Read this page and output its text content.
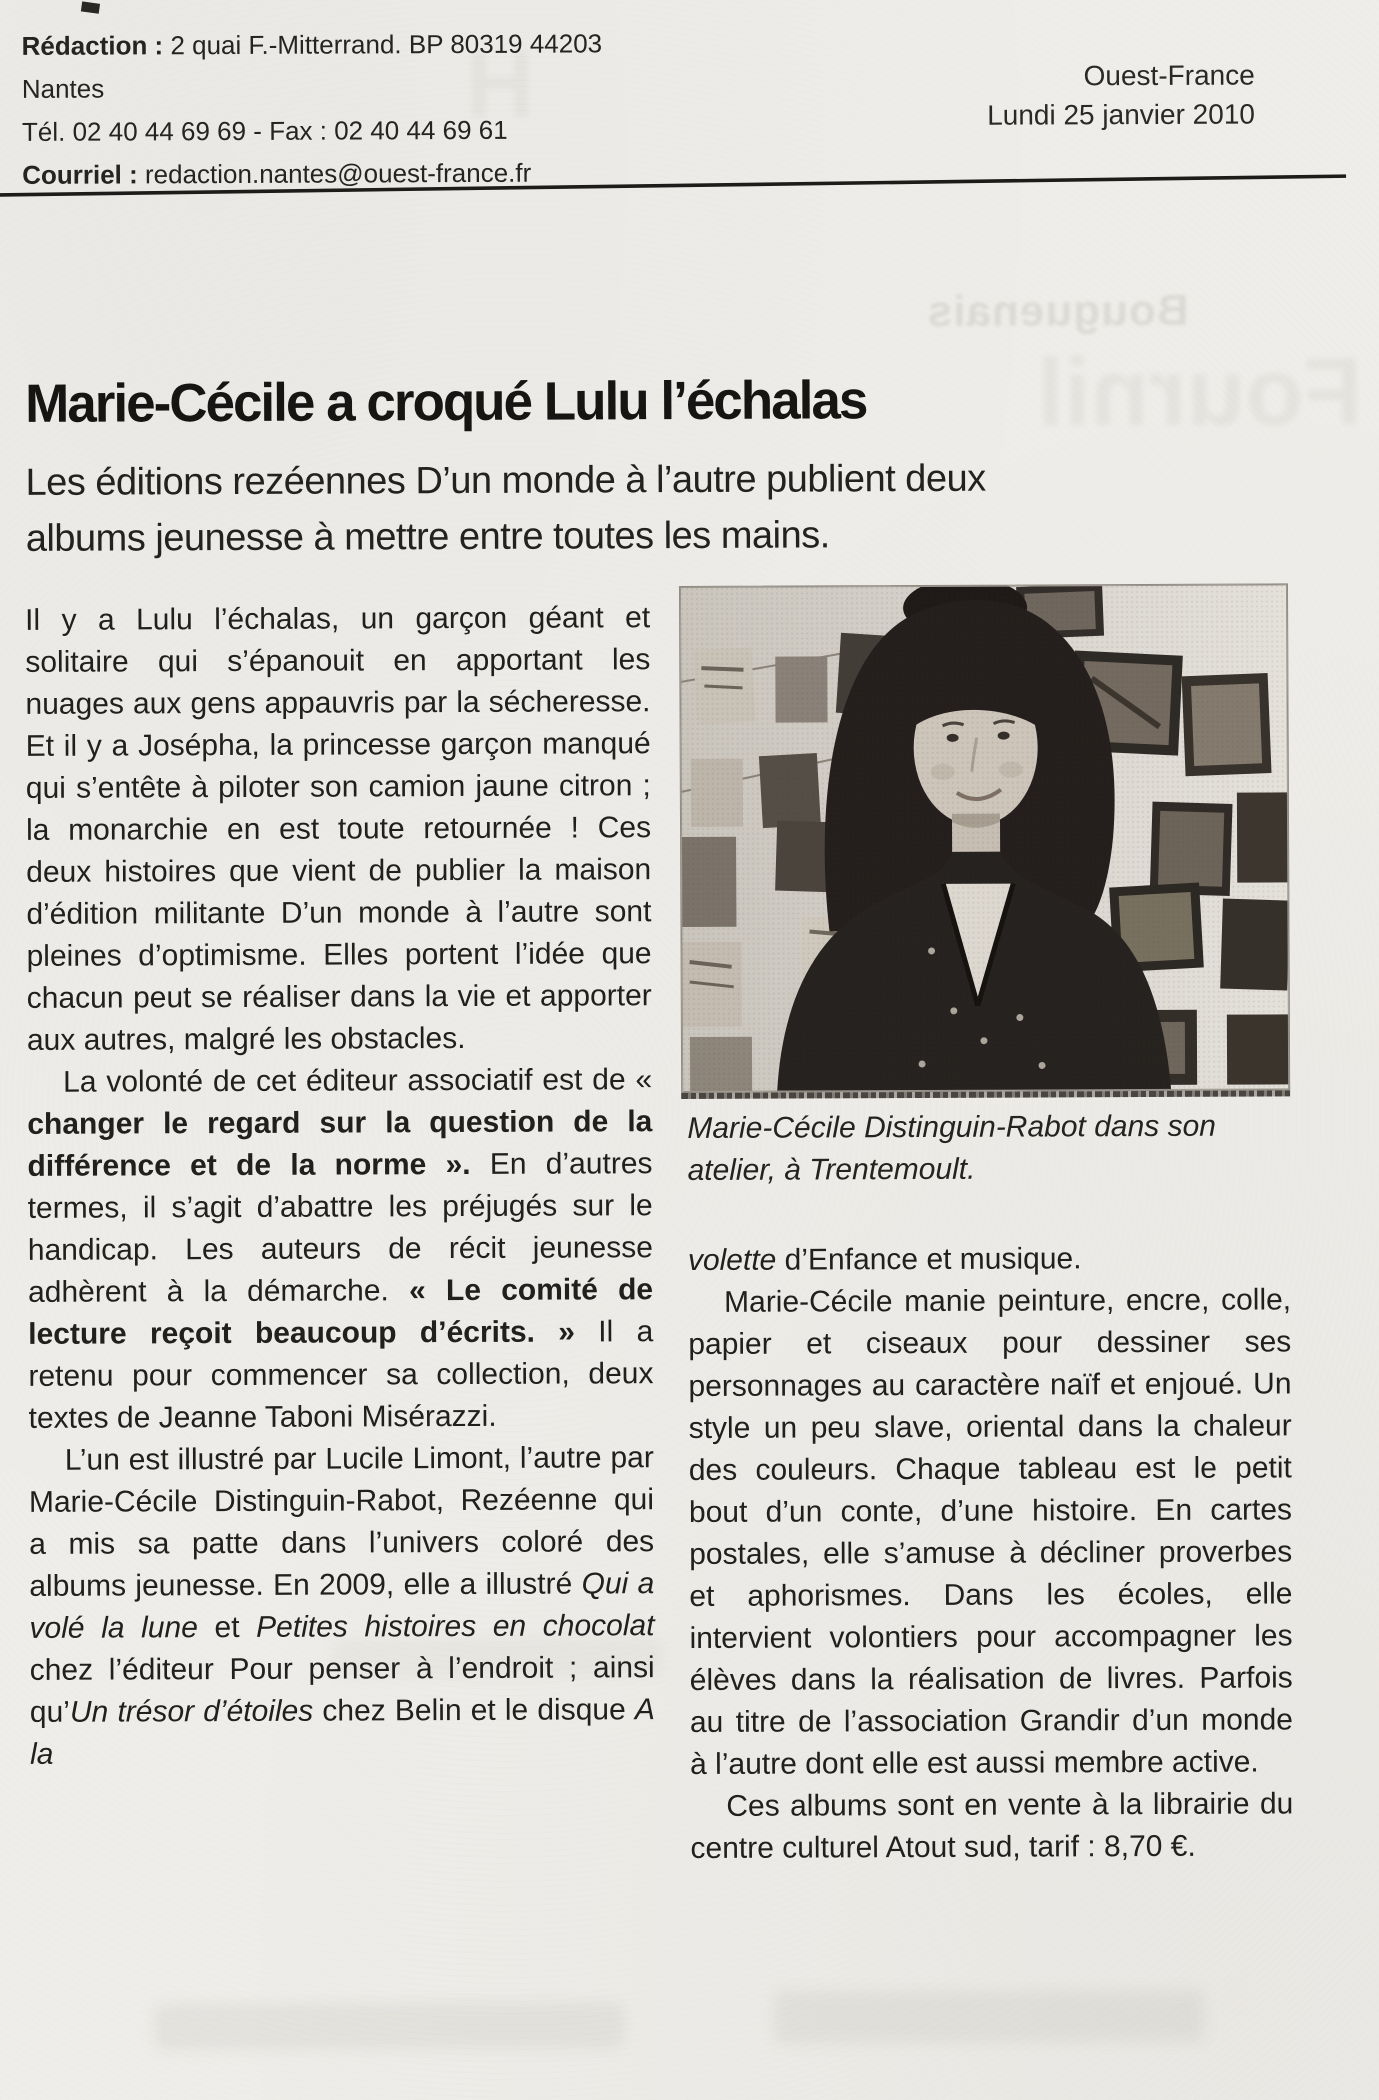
H

Bouguenais

Fournil

Rédaction : 2 quai F.-Mitterrand. BP 80319 44203 Nantes

Tél. 02 40 44 69 69 - Fax : 02 40 44 69 61

Courriel : redaction.nantes@ouest-france.fr

Ouest-France
Lundi 25 janvier 2010
Marie-Cécile a croqué Lulu l’échalas
Les éditions rezéennes D’un monde à l’autre publient deux albums jeunesse à mettre entre toutes les mains.

Il y a Lulu l’échalas, un garçon géant et solitaire qui s’épanouit en apportant les nuages aux gens appauvris par la sécheresse. Et il y a Josépha, la princesse garçon manqué qui s’entête à piloter son camion jaune citron ; la monarchie en est toute retournée ! Ces deux histoires que vient de publier la maison d’édition militante D’un monde à l’autre sont pleines d’optimisme. Elles portent l’idée que chacun peut se réaliser dans la vie et apporter aux autres, malgré les obstacles.

La volonté de cet éditeur associatif est de « changer le regard sur la question de la différence et de la norme ». En d’autres termes, il s’agit d’abattre les préjugés sur le handicap. Les auteurs de récit jeunesse adhèrent à la démarche. « Le comité de lecture reçoit beaucoup d’écrits. » Il a retenu pour commencer sa collection, deux textes de Jeanne Taboni Misérazzi.

L’un est illustré par Lucile Limont, l’autre par Marie-Cécile Distinguin-Rabot, Rezéenne qui a mis sa patte dans l’univers coloré des albums jeunesse. En 2009, elle a illustré Qui a volé la lune et Petites histoires en chocolat chez l’éditeur Pour penser à l’endroit ; ainsi qu’Un trésor d’étoiles chez Belin et le disque A la

Marie-Cécile Distinguin-Rabot dans son atelier, à Trentemoult.

volette d’Enfance et musique.

Marie-Cécile manie peinture, encre, colle, papier et ciseaux pour dessiner ses personnages au caractère naïf et enjoué. Un style un peu slave, oriental dans la chaleur des couleurs. Chaque tableau est le petit bout d’un conte, d’une histoire. En cartes postales, elle s’amuse à décliner proverbes et aphorismes. Dans les écoles, elle intervient volontiers pour accompagner les élèves dans la réalisation de livres. Parfois au titre de l’association Grandir d’un monde à l’autre dont elle est aussi membre active.

Ces albums sont en vente à la librairie du centre culturel Atout sud, tarif : 8,70 €.
